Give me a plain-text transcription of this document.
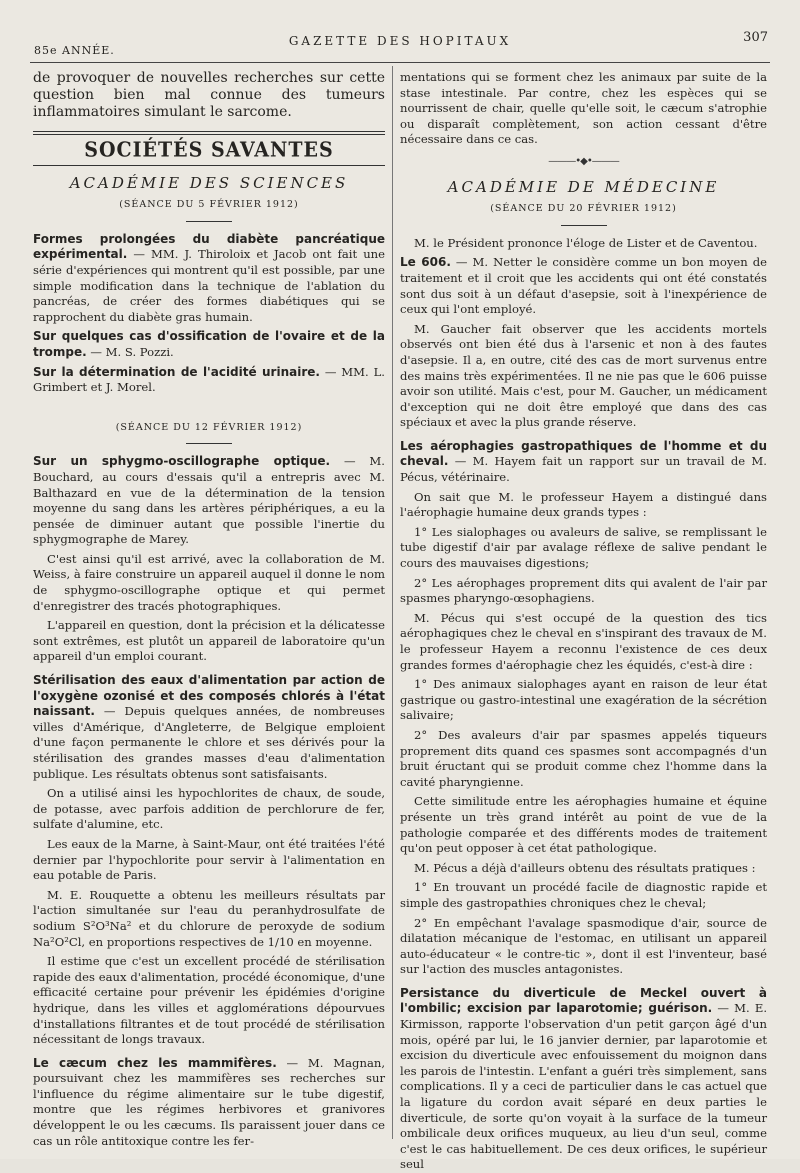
85e ANNÉE.
GAZETTE DES HOPITAUX	307

de provoquer de nouvelles recherches sur cette question bien mal connue des tumeurs inflammatoires simulant le sarcome.

SOCIÉTÉS SAVANTES
ACADÉMIE DES SCIENCES
(SÉANCE DU 5 FÉVRIER 1912)

Formes prolongées du diabète pancréatique expérimental. — MM. J. Thiroloix et Jacob ont fait une série d'expériences qui montrent qu'il est possible, par une simple modification dans la technique de l'ablation du pancréas, de créer des formes diabétiques qui se rapprochent du diabète gras humain.

Sur quelques cas d'ossification de l'ovaire et de la trompe. — M. S. Pozzi.

Sur la détermination de l'acidité urinaire. — MM. L. Grimbert et J. Morel.

(SÉANCE DU 12 FÉVRIER 1912)

Sur un sphygmo-oscillographe optique. — M. Bouchard, au cours d'essais qu'il a entrepris avec M. Balthazard en vue de la détermination de la tension moyenne du sang dans les artères périphériques, a eu la pensée de diminuer autant que possible l'inertie du sphygmographe de Marey.

C'est ainsi qu'il est arrivé, avec la collaboration de M. Weiss, à faire construire un appareil auquel il donne le nom de sphygmo-oscillographe optique et qui permet d'enregistrer des tracés photographiques.

L'appareil en question, dont la précision et la délicatesse sont extrêmes, est plutôt un appareil de laboratoire qu'un appareil d'un emploi courant.

Stérilisation des eaux d'alimentation par action de l'oxygène ozonisé et des composés chlorés à l'état naissant. — Depuis quelques années, de nombreuses villes d'Amérique, d'Angleterre, de Belgique emploient d'une façon permanente le chlore et ses dérivés pour la stérilisation des grandes masses d'eau d'alimentation publique. Les résultats obtenus sont satisfaisants.

On a utilisé ainsi les hypochlorites de chaux, de soude, de potasse, avec parfois addition de perchlorure de fer, sulfate d'alumine, etc.

Les eaux de la Marne, à Saint-Maur, ont été traitées l'été dernier par l'hypochlorite pour servir à l'alimentation en eau potable de Paris.

M. E. Rouquette a obtenu les meilleurs résultats par l'action simultanée sur l'eau du peranhydrosulfate de sodium S²O³Na² et du chlorure de peroxyde de sodium Na²O²Cl, en proportions respectives de 1/10 en moyenne.

Il estime que c'est un excellent procédé de stérilisation rapide des eaux d'alimentation, procédé économique, d'une efficacité certaine pour prévenir les épidémies d'origine hydrique, dans les villes et agglomérations dépourvues d'installations filtrantes et de tout procédé de stérilisation nécessitant de longs travaux.

Le cæcum chez les mammifères. — M. Magnan, poursuivant chez les mammifères ses recherches sur l'influence du régime alimentaire sur le tube digestif, montre que les régimes herbivores et granivores développent le ou les cæcums. Ils paraissent jouer dans ce cas un rôle antitoxique contre les fer-

mentations qui se forment chez les animaux par suite de la stase intestinale. Par contre, chez les espèces qui se nourrissent de chair, quelle qu'elle soit, le cæcum s'atrophie ou disparaît complètement, son action cessant d'être nécessaire dans ce cas.

———•◆•———
ACADÉMIE DE MÉDECINE
(SÉANCE DU 20 FÉVRIER 1912)

M. le Président prononce l'éloge de Lister et de Caventou.

Le 606. — M. Netter le considère comme un bon moyen de traitement et il croit que les accidents qui ont été constatés sont dus soit à un défaut d'asepsie, soit à l'inexpérience de ceux qui l'ont employé.

M. Gaucher fait observer que les accidents mortels observés ont bien été dus à l'arsenic et non à des fautes d'asepsie. Il a, en outre, cité des cas de mort survenus entre des mains très expérimentées. Il ne nie pas que le 606 puisse avoir son utilité. Mais c'est, pour M. Gaucher, un médicament d'exception qui ne doit être employé que dans des cas spéciaux et avec la plus grande réserve.

Les aérophagies gastropathiques de l'homme et du cheval. — M. Hayem fait un rapport sur un travail de M. Pécus, vétérinaire.

On sait que M. le professeur Hayem a distingué dans l'aérophagie humaine deux grands types :

1° Les sialophages ou avaleurs de salive, se remplissant le tube digestif d'air par avalage réflexe de salive pendant le cours des mauvaises digestions;

2° Les aérophages proprement dits qui avalent de l'air par spasmes pharyngo-œsophagiens.

M. Pécus qui s'est occupé de la question des tics aérophagiques chez le cheval en s'inspirant des travaux de M. le professeur Hayem a reconnu l'existence de ces deux grandes formes d'aérophagie chez les équidés, c'est-à dire :

1° Des animaux sialophages ayant en raison de leur état gastrique ou gastro-intestinal une exagération de la sécrétion salivaire;

2° Des avaleurs d'air par spasmes appelés tiqueurs proprement dits quand ces spasmes sont accompagnés d'un bruit éructant qui se produit comme chez l'homme dans la cavité pharyngienne.

Cette similitude entre les aérophagies humaine et équine présente un très grand intérêt au point de vue de la pathologie comparée et des différents modes de traitement qu'on peut opposer à cet état pathologique.

M. Pécus a déjà d'ailleurs obtenu des résultats pratiques :

1° En trouvant un procédé facile de diagnostic rapide et simple des gastropathies chroniques chez le cheval;

2° En empêchant l'avalage spasmodique d'air, source de dilatation mécanique de l'estomac, en utilisant un appareil auto-éducateur « le contre-tic », dont il est l'inventeur, basé sur l'action des muscles antagonistes.

Persistance du diverticule de Meckel ouvert à l'ombilic; excision par laparotomie; guérison. — M. E. Kirmisson, rapporte l'observation d'un petit garçon âgé d'un mois, opéré par lui, le 16 janvier dernier, par laparotomie et excision du diverticule avec enfouissement du moignon dans les parois de l'intestin. L'enfant a guéri très simplement, sans complications. Il y a ceci de particulier dans le cas actuel que la ligature du cordon avait séparé en deux parties le diverticule, de sorte qu'on voyait à la surface de la tumeur ombilicale deux orifices muqueux, au lieu d'un seul, comme c'est le cas habituellement. De ces deux orifices, le supérieur seul
